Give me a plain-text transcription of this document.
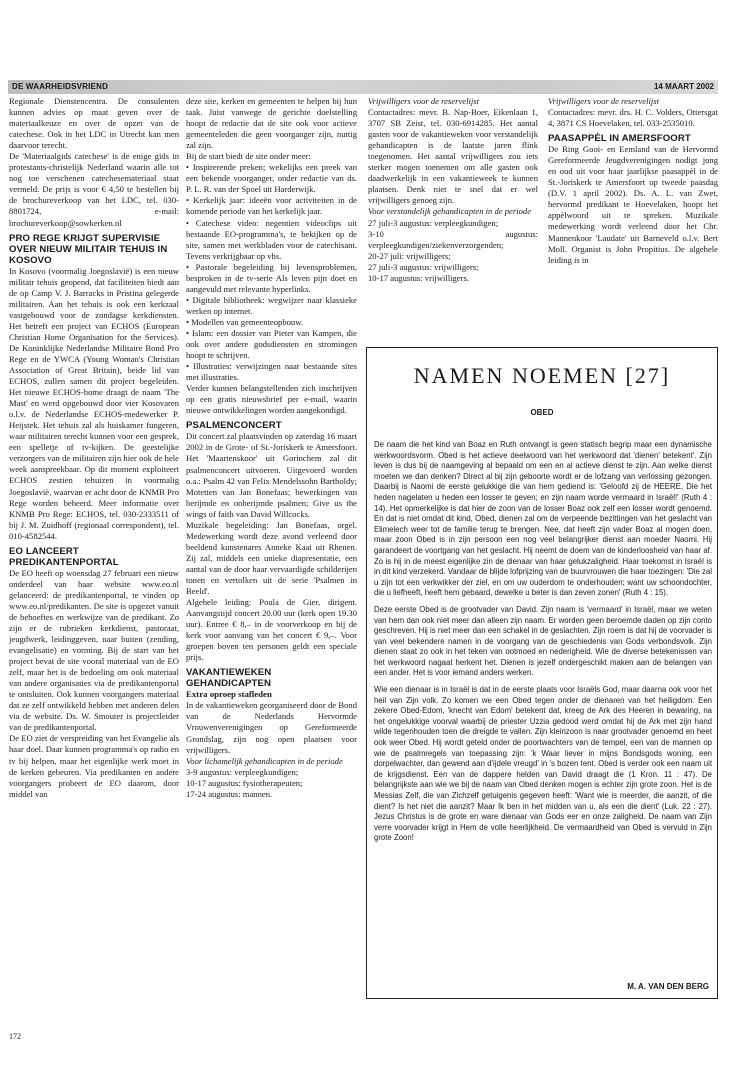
DE WAARHEIDSVRIEND	14 MAART 2002

Regionale Dienstencentra. De consulenten kunnen advies op maat geven over de materiaalkeuze en over de opzet van de catechese. Ook in het LDC in Utrecht kan men daarvoor terecht.

De 'Materiaalgids catechese' is de enige gids in protestants-christelijk Nederland waarin alle tot nog toe verschenen catechesemateriaal staat vermeld. De prijs is voor € 4,50 te bestellen bij de brochureverkoop van het LDC, tel. 030-8801724, e-mail: brochureverkoop@sowkerken.nl

PRO REGE KRIJGT SUPERVISIE OVER NIEUW MILITAIR TEHUIS IN KOSOVO

In Kosovo (voormalig Joegoslavië) is een nieuw militair tehuis geopend, dat faciliteiten biedt aan de op Camp V. J. Barracks in Pristina gelegerde militairen. Aan het tehuis is ook een kerkzaal vastgebouwd voor de zondagse kerkdiensten. Het betreft een project van ECHOS (European Christian Home Organisation for the Services). De Koninklijke Nederlandse Militaire Bond Pro Rege en de YWCA (Young Woman's Christian Association of Great Britain), beide lid van ECHOS, zullen samen dit project begeleiden. Het nieuwe ECHOS-home draagt de naam 'The Mast' en werd opgebouwd door vier Kosovaren o.l.v. de Nederlandse ECHOS-medewerker P. Heijstek. Het tehuis zal als huiskamer fungeren, waar militairen terecht kunnen voor een gesprek, een spelletje of tv-kijken. De geestelijke verzorgers van de militairen zijn hier ook de hele week aanspreekbaar. Op dit moment exploiteert ECHOS zestien tehuizen in voormalig Joegoslavië, waarvan er acht door de KNMB Pro Rege worden beheerd. Meer informatie over KNMB Pro Rege: ECHOS, tel. 030-2333511 of bij J. M. Zuidhoff (regionaal correspondent), tel. 010-4582544.

EO LANCEERT PREDIKANTENPORTAL

De EO heeft op woensdag 27 februari een nieuw onderdeel van haar website www.eo.nl gelanceerd: de predikantenportal, te vinden op www.eo.nl/predikanten. De site is opgezet vanuit de behoeftes en werkwijze van de predikant. Zo zijn er de rubrieken kerkdienst, pastoraat, jeugdwerk, leidinggeven, naar buiten (zending, evangelisatie) en vorming. Bij de start van het project bevat de site vooral materiaal van de EO zelf, maar het is de bedoeling om ook materiaal van andere organisaties via de predikantenportal te ontsluiten. Ook kunnen voorgangers materiaal dat ze zelf ontwikkeld hebben met anderen delen via de website. Ds. W. Smouter is projectleider van de predikantenportal.

De EO ziet de verspreiding van het Evangelie als haar doel. Daar kunnen programma's op radio en tv bij helpen, maar het eigenlijke werk moet in de kerken gebeuren. Via predikanten en andere voorgangers probeert de EO daarom, door middel van

deze site, kerken en gemeenten te helpen bij hun taak. Juist vanwege de gerichte doelstelling hoopt de redactie dat de site ook voor actieve gemeenteleden die geen voorganger zijn, nuttig zal zijn.

Bij de start biedt de site onder meer:

• Inspirerende preken; wekelijks een preek van een bekende voorganger, onder redactie van ds. P. L. R. van der Spoel uit Harderwijk.

• Kerkelijk jaar: ideeën voor activiteiten in de komende periode van het kerkelijk jaar.

• Catechese video: negentien videoclips uit bestaande EO-programma's, te bekijken op de site, samen met werkbladen voor de catechisant. Tevens verkrijgbaar op vhs.

• Pastorale begeleiding bij levensproblemen, besproken in de tv-serie Als leven pijn doet en aangevuld met relevante hyperlinks.

• Digitale bibliotheek: wegwijzer naar klassieke werken op internet.

• Modellen van gemeenteopbouw.

• Islam: een dossier van Pieter van Kampen, die ook over andere godsdiensten en stromingen hoopt te schrijven.

• Illustraties: verwijzingen naar bestaande sites met illustraties.

Verder kunnen belangstellenden zich inschrijven op een gratis nieuwsbrief per e-mail, waarin nieuwe ontwikkelingen worden aangekondigd.

PSALMENCONCERT

Dit concert zal plaatsvinden op zaterdag 16 maart 2002 in de Grote- of St.-Joriskerk te Amersfoort. Het 'Maartenskoor' uit Gorinchem zal dit psalmenconcert uitvoeren. Uitgevoerd worden o.a.: Psalm 42 van Felix Mendelssohn Bartholdy; Motetten van Jan Bonefaas; bewerkingen van berijmde en onberijmde psalmen; Give us the wings of faith van David Willcocks.

Muzikale begeleiding: Jan Bonefaas, orgel. Medewerking wordt deze avond verleend door beeldend kunstenares Anneke Kaai uit Rhenen. Zij zal, middels een unieke diapresentatie, een aantal van de door haar vervaardigde schilderijen tonen en vertolken uit de serie 'Psalmen in Beeld'.

Algehele leiding: Poula de Gier, dirigent. Aanvangstijd concert 20.00 uur (kerk open 19.30 uur). Entree € 8,– in de voorverkoop en bij de kerk voor aanvang van het concert € 9,–. Voor groepen boven ten personen geldt een speciale prijs.

VAKANTIEWEKEN GEHANDICAPTEN
Extra oproep stafleden

In de vakantieweken georganiseerd door de Bond van de Nederlands Hervormde Vrouwenverenigingen op Gereformeerde Grondslag, zijn nog open plaatsen voor vrijwilligers.

Voor lichamelijk gehandicapten in de periode

3-9 augustus: verpleegkundigen;

10-17 augustus: fysiotherapeuten;

17-24 augustus: mannen.

Vrijwilligers voor de reservelijst

Contactadres: mevr. B. Nap-Boer, Eikenlaan 1, 3707 SB Zeist, tel. 030-6914285. Het aantal gasten voor de vakantieweken voor verstandelijk gehandicapten is de laatste jaren flink toegenomen. Het aantal vrijwilligers zou iets sterker mogen toenemen om alle gasten ook daadwerkelijk in een vakantieweek te kunnen plaatsen. Denk niet te snel dat er wel vrijwilligers genoeg zijn.

Voor verstandelijk gehandicapten in de periode

27 juli-3 augustus: verpleegkundigen;

3-10 augustus: verpleegkundigen/ziekenverzorgenden;

20-27 juli: vrijwilligers;

27 juli-3 augustus: vrijwilligers;

10-17 augustus: vrijwilligers.

Vrijwilligers voor de reservelijst

Contactadres: mevr. drs. H. C. Volders, Ottersgat 4, 3871 CS Hoevelaken, tel. 033-2535010.

PAASAPPÈL IN AMERSFOORT

De Ring Gooi- en Eemland van de Hervormd Gereformeerde Jeugdverenigingen nodigt jong en oud uit voor haar jaarlijkse paasappèl in de St.-Joriskerk te Amersfoort op tweede paasdag (D.V. 1 april 2002). Ds. A. L. van Zwet, hervormd predikant te Hoevelaken, hoopt het appèlwoord uit te spreken. Muzikale medewerking wordt verleend door het Chr. Mannenkoor 'Laudate' uit Barneveld o.l.v. Bert Moll. Organist is John Propitius. De algehele leiding is in

NAMEN NOEMEN [27]
OBED

De naam die het kind van Boaz en Ruth ontvangt is geen statisch begrip maar een dynamische werkwoordsvorm. Obed is het actieve deelwoord van het werkwoord dat 'dienen' betekent'. Zijn leven is dus bij de naamgeving al bepaald om een en al actieve dienst te zijn. Aan welke dienst moeten we dan denken? Direct al bij zijn geboorte wordt er de lofzang van verlossing gezongen. Daarbij is Naomi de eerste gelukkige die van hem gediend is: 'Geloofd zij de HEERE, Die het heden nagelaten u heden een losser te geven; en zijn naam worde vermaard in Israël!' (Ruth 4 : 14). Het opmerkelijke is dat hier de zoon van de losser Boaz ook zelf een losser wordt genoemd. En dat is niet omdat dit kind, Obed, dienen zal om de verpeende bezittingen van het geslacht van Elimelech weer tot de familie terug te brengen. Nee, dat heeft zijn vader Boaz al mogen doen, maar zoon Obed is in zijn persoon een nog veel belangrijker dienst aan moeder Naomi. Hij garandeert de voortgang van het geslacht. Hij neemt de doem van de kinderloosheid van haar af. Zo is hij in de meest eigenlijke zin de dienaar van haar gelukzaligheid. Haar toekomst in Israël is in dit kind verzekerd. Vandaar de blijde lofprijzing van de buurvrouwen die haar toezingen: 'Die zal u zijn tot een verkwikker der ziel, en om uw ouderdom te onderhouden; want uw schoondochter, die u liefheeft, heeft hem gebaard, dewelke u beter is dan zeven zonen' (Ruth 4 : 15).

Deze eerste Obed is de grootvader van David. Zijn naam is 'vermaard' in Israël, maar we weten van hem dan ook niet meer dan alleen zijn naam. Er worden geen beroemde daden op zijn conto geschreven. Hij is niet meer dan een schakel in de geslachten. Zijn roem is dat hij de voorvader is van veel bekendere namen in de voorgang van de geschiedenis van Gods verbondsvolk. Zijn dienen staat zo ook in het teken van ootmoed en nederigheid. Wie de diverse betekenissen van het werkwoord nagaat herkent het. Dienen is jezelf ondergeschikt maken aan de belangen van een ander. Het is voor iemand anders werken.

Wie een dienaar is in Israël is dat in de eerste plaats voor Israëls God, maar daarna ook voor het heil van Zijn volk. Zo komen we een Obed tegen onder de dienaren van het heiligdom. Een zekere Obed-Edom, 'knecht van Edom' betekent dat, kreeg de Ark des Heeren in bewaring, na het ongelukkige voorval waarbij de priester Uzzia gedood werd omdat hij de Ark met zijn hand wilde tegenhouden toen die dreigde te vallen. Zijn kleinzoon is naar grootvader genoemd en heet ook weer Obed. Hij wordt geteld onder de poortwachters van de tempel, een van de mannen op wie de psalmregels van toepassing zijn: 'k Waar liever in mijns Bondsgods woning, een dorpelwachter, dan gewend aan d'ijdele vreugd' in 's bozen tent. Obed is verder ook een naam uit de krijgsdienst. Een van de dappere helden van David draagt die (1 Kron. 11 : 47). De belangrijkste aan wie we bij de naam van Obed denken mogen is echter zijn grote zoon. Het is de Messias Zelf, die van Zichzelf getuigenis gegeven heeft: 'Want wie is meerder, die aanzit, of die dient? Is het niet die aanzit? Maar Ik ben in het midden van u, als een die dient' (Luk. 22 : 27). Jezus Christus is de grote en ware dienaar van Gods eer en onze zaligheid. De naam van Zijn verre voorvader krijgt in Hem de volle heerlijkheid. De vermaardheid van Obed is vervuld in Zijn grote Zoon!

M. A. VAN DEN BERG
172
